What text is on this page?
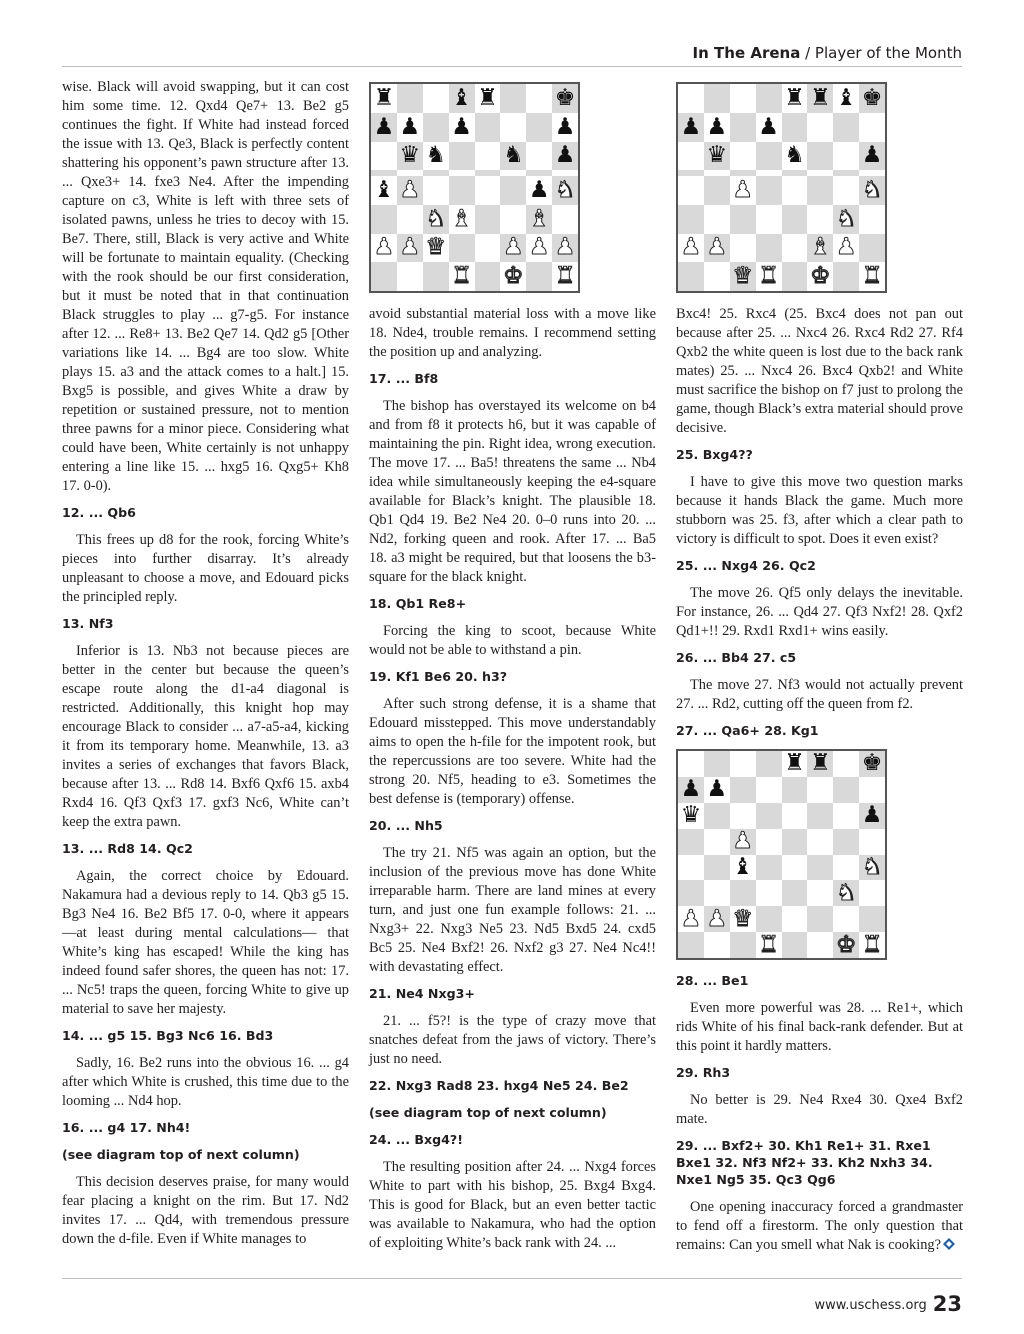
In The Arena / Player of the Month

wise. Black will avoid swapping, but it can cost him some time. 12. Qxd4 Qe7+ 13. Be2 g5 continues the fight. If White had instead forced the issue with 13. Qe3, Black is perfectly content shattering his opponent’s pawn structure after 13. ... Qxe3+ 14. fxe3 Ne4. After the impending capture on c3, White is left with three sets of isolated pawns, unless he tries to decoy with 15. Be7. There, still, Black is very active and White will be fortunate to maintain equality. (Checking with the rook should be our first consideration, but it must be noted that in that continuation Black struggles to play ... g7-g5. For instance after 12. ... Re8+ 13. Be2 Qe7 14. Qd2 g5 [Other variations like 14. ... Bg4 are too slow. White plays 15. a3 and the attack comes to a halt.] 15. Bxg5 is possible, and gives White a draw by repetition or sustained pressure, not to mention three pawns for a minor piece. Considering what could have been, White certainly is not unhappy entering a line like 15. ... hxg5 16. Qxg5+ Kh8 17. 0-0).

12. ... Qb6

This frees up d8 for the rook, forcing White’s pieces into further disarray. It’s already unpleasant to choose a move, and Edouard picks the principled reply.

13. Nf3

Inferior is 13. Nb3 not because pieces are better in the center but because the queen’s escape route along the d1-a4 diagonal is restricted. Additionally, this knight hop may encourage Black to consider ... a7-a5-a4, kicking it from its temporary home. Meanwhile, 13. a3 invites a series of exchanges that favors Black, because after 13. ... Rd8 14. Bxf6 Qxf6 15. axb4 Rxd4 16. Qf3 Qxf3 17. gxf3 Nc6, White can’t keep the extra pawn.

13. ... Rd8 14. Qc2

Again, the correct choice by Edouard. Nakamura had a devious reply to 14. Qb3 g5 15. Bg3 Ne4 16. Be2 Bf5 17. 0-0, where it appears —at least during mental calculations— that White’s king has escaped! While the king has indeed found safer shores, the queen has not: 17. ... Nc5! traps the queen, forcing White to give up material to save her majesty.

14. ... g5 15. Bg3 Nc6 16. Bd3

Sadly, 16. Be2 runs into the obvious 16. ... g4 after which White is crushed, this time due to the looming ... Nd4 hop.

16. ... g4 17. Nh4!
(see diagram top of next column)

This decision deserves praise, for many would fear placing a knight on the rim. But 17. Nd2 invites 17. ... Qd4, with tremendous pressure down the d-file. Even if White manages to

♜ ♝ ♜ ♚
♟ ♟ ♟	♟
♛ ♞ ♞ ♟
♝ ♟	♟ ♞
♞ ♝ ♝
♟ ♟ ♛ ♟ ♟ ♟
♜ ♚ ♜

avoid substantial material loss with a move like 18. Nde4, trouble remains. I recommend setting the position up and analyzing.

17. ... Bf8

The bishop has overstayed its welcome on b4 and from f8 it protects h6, but it was capable of maintaining the pin. Right idea, wrong execution. The move 17. ... Ba5! threatens the same ... Nb4 idea while simultaneously keeping the e4-square available for Black’s knight. The plausible 18. Qb1 Qd4 19. Be2 Ne4 20. 0–0 runs into 20. ... Nd2, forking queen and rook. After 17. ... Ba5 18. a3 might be required, but that loosens the b3-square for the black knight.

18. Qb1 Re8+

Forcing the king to scoot, because White would not be able to withstand a pin.

19. Kf1 Be6 20. h3?

After such strong defense, it is a shame that Edouard misstepped. This move understandably aims to open the h-file for the impotent rook, but the repercussions are too severe. White had the strong 20. Nf5, heading to e3. Sometimes the best defense is (temporary) offense.

20. ... Nh5

The try 21. Nf5 was again an option, but the inclusion of the previous move has done White irreparable harm. There are land mines at every turn, and just one fun example follows: 21. ... Nxg3+ 22. Nxg3 Ne5 23. Nd5 Bxd5 24. cxd5 Bc5 25. Ne4 Bxf2! 26. Nxf2 g3 27. Ne4 Nc4!! with devastating effect.

21. Ne4 Nxg3+

21. ... f5?! is the type of crazy move that snatches defeat from the jaws of victory. There’s just no need.

22. Nxg3 Rad8 23. hxg4 Ne5 24. Be2
(see diagram top of next column)
24. ... Bxg4?!

The resulting position after 24. ... Nxg4 forces White to part with his bishop, 25. Bxg4 Bxg4. This is good for Black, but an even better tactic was available to Nakamura, who had the option of exploiting White’s back rank with 24. ...

♜ ♜ ♝ ♚
♟ ♟ ♟
♛ ♞ ♟
♟	♞
♞
♟ ♟	♝ ♟
♛ ♜ ♚ ♜

Bxc4! 25. Rxc4 (25. Bxc4 does not pan out because after 25. ... Nxc4 26. Rxc4 Rd2 27. Rf4 Qxb2 the white queen is lost due to the back rank mates) 25. ... Nxc4 26. Bxc4 Qxb2! and White must sacrifice the bishop on f7 just to prolong the game, though Black’s extra material should prove decisive.

25. Bxg4??

I have to give this move two question marks because it hands Black the game. Much more stubborn was 25. f3, after which a clear path to victory is difficult to spot. Does it even exist?

25. ... Nxg4 26. Qc2

The move 26. Qf5 only delays the inevitable. For instance, 26. ... Qd4 27. Qf3 Nxf2! 28. Qxf2 Qd1+!! 29. Rxd1 Rxd1+ wins easily.

26. ... Bb4 27. c5

The move 27. Nf3 would not actually prevent 27. ... Rd2, cutting off the queen from f2.

27. ... Qa6+ 28. Kg1
♜ ♜ ♚
♟ ♟
♛	♟
♟
♝	♞
♞
♟ ♟ ♛
♜ ♚ ♜
28. ... Be1

Even more powerful was 28. ... Re1+, which rids White of his final back-rank defender. But at this point it hardly matters.

29. Rh3

No better is 29. Ne4 Rxe4 30. Qxe4 Bxf2 mate.

29. ... Bxf2+ 30. Kh1 Re1+ 31. Rxe1 Bxe1 32. Nf3 Nf2+ 33. Kh2 Nxh3 34. Nxe1 Ng5 35. Qc3 Qg6

One opening inaccuracy forced a grandmaster to fend off a firestorm. The only question that remains: Can you smell what Nak is cooking?

www.uschess.org 23
